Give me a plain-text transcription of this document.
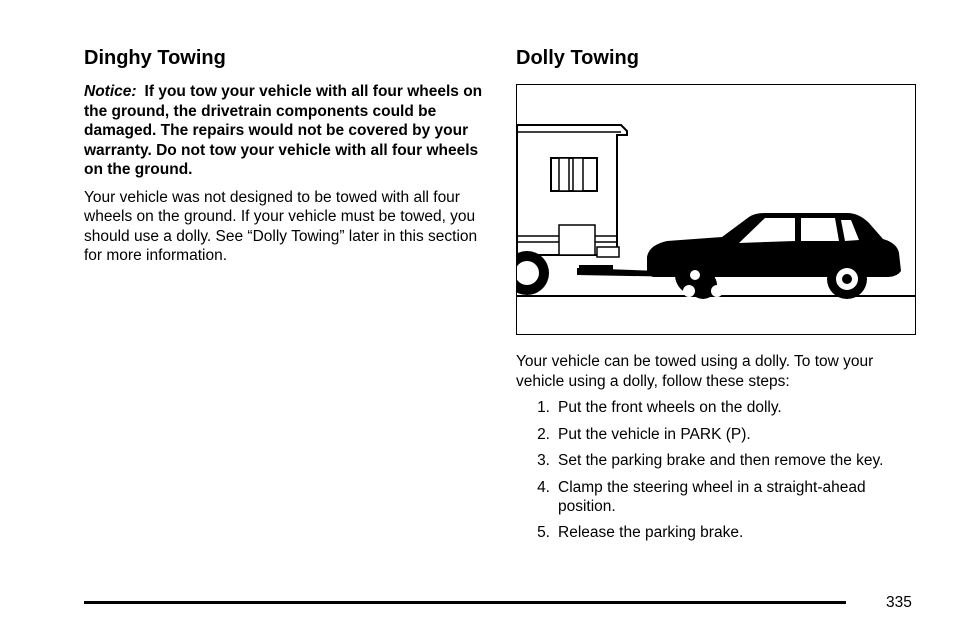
Dinghy Towing
Notice: If you tow your vehicle with all four wheels on the ground, the drivetrain components could be damaged. The repairs would not be covered by your warranty. Do not tow your vehicle with all four wheels on the ground.

Your vehicle was not designed to be towed with all four wheels on the ground. If your vehicle must be towed, you should use a dolly. See “Dolly Towing” later in this section for more information.

Dolly Towing

Your vehicle can be towed using a dolly. To tow your vehicle using a dolly, follow these steps:

1. Put the front wheels on the dolly.
2. Put the vehicle in PARK (P).
3. Set the parking brake and then remove the key.
4. Clamp the steering wheel in a straight-ahead position.
5. Release the parking brake.
335
